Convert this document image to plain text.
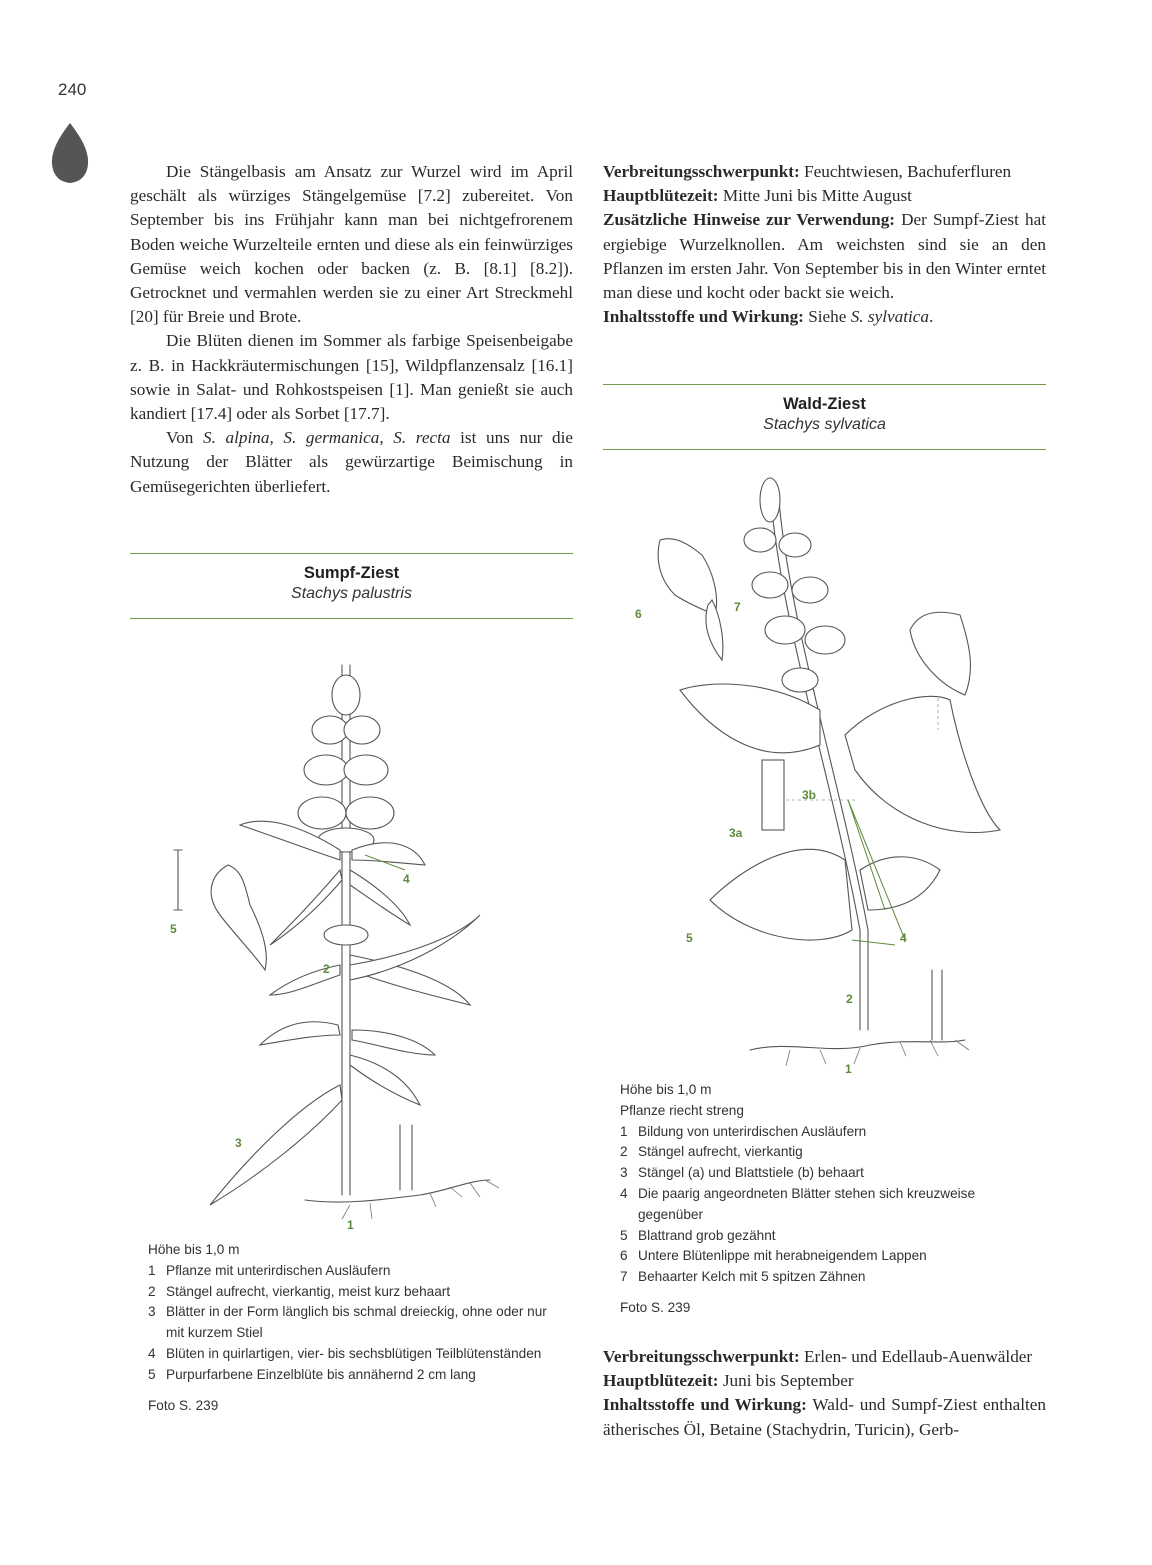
240

Die Stängelbasis am Ansatz zur Wurzel wird im April geschält als würziges Stängelgemüse [7.2] zubereitet. Von September bis ins Frühjahr kann man bei nichtgefrorenem Boden weiche Wurzelteile ernten und diese als ein feinwürziges Gemüse weich kochen oder backen (z. B. [8.1] [8.2]). Getrocknet und vermahlen werden sie zu einer Art Streckmehl [20] für Breie und Brote.

Die Blüten dienen im Sommer als farbige Speisenbeigabe z. B. in Hackkräutermischungen [15], Wildpflanzensalz [16.1] sowie in Salat- und Rohkostspeisen [1]. Man genießt sie auch kandiert [17.4] oder als Sorbet [17.7].

Von S. alpina, S. germanica, S. recta ist uns nur die Nutzung der Blätter als gewürzartige Beimischung in Gemüsegerichten überliefert.

Sumpf-Ziest
Stachys palustris
4
5
2
3
1
Höhe bis 1,0 m
1 Pflanze mit unterirdischen Ausläufern
2 Stängel aufrecht, vierkantig, meist kurz behaart
3 Blätter in der Form länglich bis schmal dreieckig, ohne oder nur mit kurzem Stiel
4 Blüten in quirlartigen, vier- bis sechsblütigen Teilblütenständen
5 Purpurfarbene Einzelblüte bis annähernd 2 cm lang
Foto S. 239

Verbreitungsschwerpunkt: Feuchtwiesen, Bachuferfluren

Hauptblütezeit: Mitte Juni bis Mitte August

Zusätzliche Hinweise zur Verwendung: Der Sumpf-Ziest hat ergiebige Wurzelknollen. Am weichsten sind sie an den Pflanzen im ersten Jahr. Von September bis in den Winter erntet man diese und kocht oder backt sie weich.

Inhaltsstoffe und Wirkung: Siehe S. sylvatica.

Wald-Ziest
Stachys sylvatica
6	7
3b
3a
5	4
2
1
Höhe bis 1,0 m
Pflanze riecht streng
1 Bildung von unterirdischen Ausläufern
2 Stängel aufrecht, vierkantig
3 Stängel (a) und Blattstiele (b) behaart
4 Die paarig angeordneten Blätter stehen sich kreuzweise gegenüber
5 Blattrand grob gezähnt
6 Untere Blütenlippe mit herabneigendem Lappen
7 Behaarter Kelch mit 5 spitzen Zähnen
Foto S. 239

Verbreitungsschwerpunkt: Erlen- und Edellaub-Auenwälder

Hauptblütezeit: Juni bis September

Inhaltsstoffe und Wirkung: Wald- und Sumpf-Ziest enthalten ätherisches Öl, Betaine (Stachydrin, Turicin), Gerb-
